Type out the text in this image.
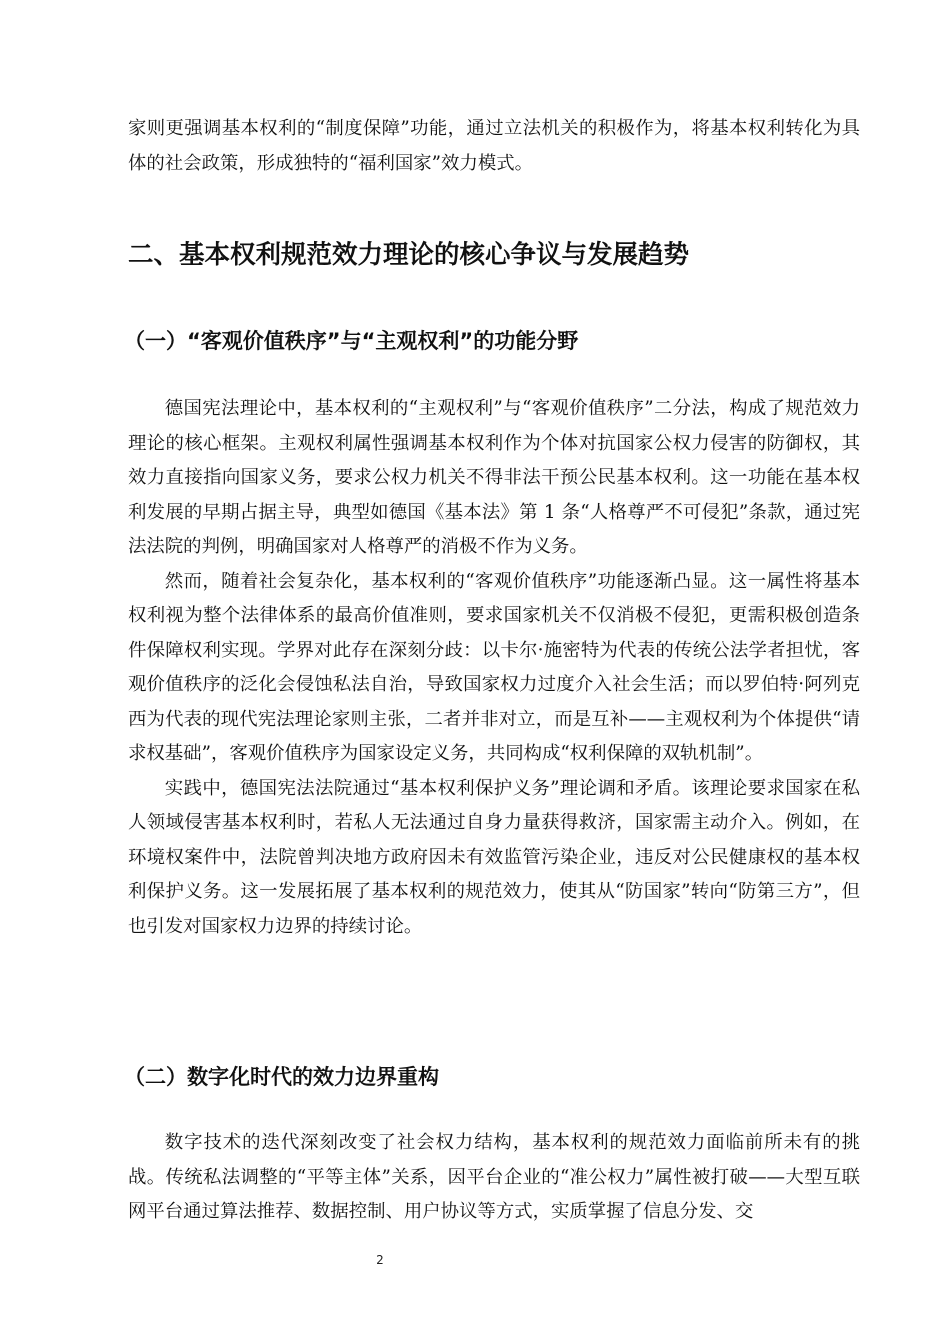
家则更强调基本权利的“制度保障”功能，通过立法机关的积极作为，将基本权利转化为具体的社会政策，形成独特的“福利国家”效力模式。

二、基本权利规范效力理论的核心争议与发展趋势
（一）“客观价值秩序”与“主观权利”的功能分野

德国宪法理论中，基本权利的“主观权利”与“客观价值秩序”二分法，构成了规范效力理论的核心框架。主观权利属性强调基本权利作为个体对抗国家公权力侵害的防御权，其效力直接指向国家义务，要求公权力机关不得非法干预公民基本权利。这一功能在基本权利发展的早期占据主导，典型如德国《基本法》第 1 条“人格尊严不可侵犯”条款，通过宪法法院的判例，明确国家对人格尊严的消极不作为义务。

然而，随着社会复杂化，基本权利的“客观价值秩序”功能逐渐凸显。这一属性将基本权利视为整个法律体系的最高价值准则，要求国家机关不仅消极不侵犯，更需积极创造条件保障权利实现。学界对此存在深刻分歧：以卡尔·施密特为代表的传统公法学者担忧，客观价值秩序的泛化会侵蚀私法自治，导致国家权力过度介入社会生活；而以罗伯特·阿列克西为代表的现代宪法理论家则主张，二者并非对立，而是互补——主观权利为个体提供“请求权基础”，客观价值秩序为国家设定义务，共同构成“权利保障的双轨机制”。

实践中，德国宪法法院通过“基本权利保护义务”理论调和矛盾。该理论要求国家在私人领域侵害基本权利时，若私人无法通过自身力量获得救济，国家需主动介入。例如，在环境权案件中，法院曾判决地方政府因未有效监管污染企业，违反对公民健康权的基本权利保护义务。这一发展拓展了基本权利的规范效力，使其从“防国家”转向“防第三方”，但也引发对国家权力边界的持续讨论。

（二）数字化时代的效力边界重构

数字技术的迭代深刻改变了社会权力结构，基本权利的规范效力面临前所未有的挑战。传统私法调整的“平等主体”关系，因平台企业的“准公权力”属性被打破——大型互联网平台通过算法推荐、数据控制、用户协议等方式，实质掌握了信息分发、交

2
